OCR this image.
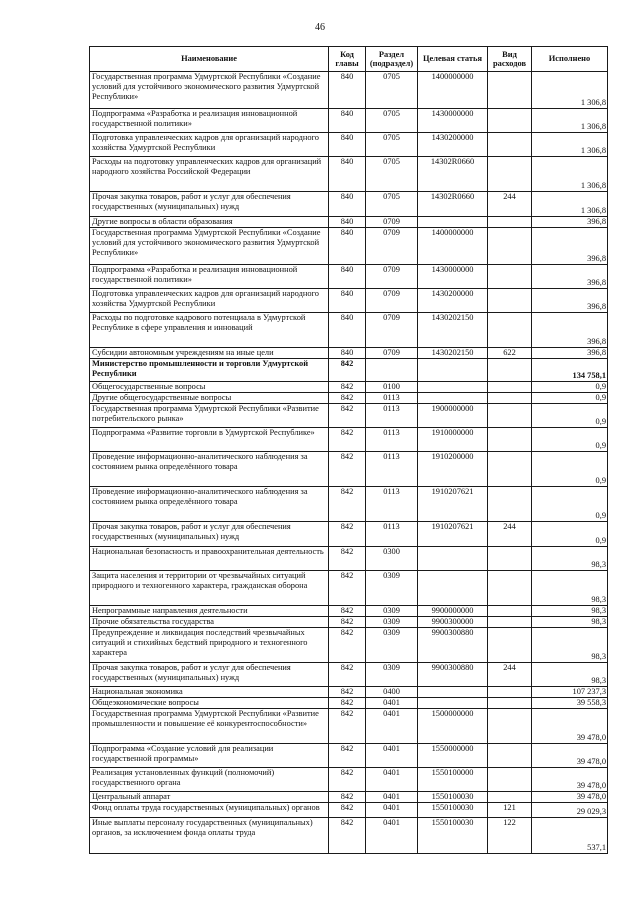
46
Наименование	Код главы	Раздел (подраздел)	Целевая статья	Вид расходов	Исполнено
Государственная программа Удмуртской Республики «Создание условий для устойчивого экономического развития Удмуртской Республики»	840	0705	1400000000		1 306,8
Подпрограмма «Разработка и реализация инновационной государственной политики»	840	0705	1430000000		1 306,8
Подготовка управленческих кадров для организаций народного хозяйства Удмуртской Республики	840	0705	1430200000		1 306,8
Расходы на подготовку управленческих кадров для организаций народного хозяйства Российской Федерации	840	0705	14302R0660		1 306,8
Прочая закупка товаров, работ и услуг для обеспечения государственных (муниципальных) нужд	840	0705	14302R0660	244	1 306,8
Другие вопросы в области образования	840	0709			396,8
Государственная программа Удмуртской Республики «Создание условий для устойчивого экономического развития Удмуртской Республики»	840	0709	1400000000		396,8
Подпрограмма «Разработка и реализация инновационной государственной политики»	840	0709	1430000000		396,8
Подготовка управленческих кадров для организаций народного хозяйства Удмуртской Республики	840	0709	1430200000		396,8
Расходы по подготовке кадрового потенциала в Удмуртской Республике в сфере управления и инноваций	840	0709	1430202150		396,8
Субсидии автономным учреждениям на иные цели	840	0709	1430202150	622	396,8
Министерство промышленности и торговли Удмуртской Республики	842				134 758,1
Общегосударственные вопросы	842	0100			0,9
Другие общегосударственные вопросы	842	0113			0,9
Государственная программа Удмуртской Республики «Развитие потребительского рынка»	842	0113	1900000000		0,9
Подпрограмма «Развитие торговли в Удмуртской Республике»	842	0113	1910000000		0,9
Проведение информационно-аналитического наблюдения за состоянием рынка определённого товара	842	0113	1910200000		0,9
Проведение информационно-аналитического наблюдения за состоянием рынка определённого товара	842	0113	1910207621		0,9
Прочая закупка товаров, работ и услуг для обеспечения государственных (муниципальных) нужд	842	0113	1910207621	244	0,9
Национальная безопасность и правоохранительная деятельность	842	0300			98,3
Защита населения и территории от чрезвычайных ситуаций природного и техногенного характера, гражданская оборона	842	0309			98,3
Непрограммные направления деятельности	842	0309	9900000000		98,3
Прочие обязательства государства	842	0309	9900300000		98,3
Предупреждение и ликвидация последствий чрезвычайных ситуаций и стихийных бедствий природного и техногенного характера	842	0309	9900300880		98,3
Прочая закупка товаров, работ и услуг для обеспечения государственных (муниципальных) нужд	842	0309	9900300880	244	98,3
Национальная экономика	842	0400			107 237,3
Общеэкономические вопросы	842	0401			39 558,3
Государственная программа Удмуртской Республики «Развитие промышленности и повышение её конкурентоспособности»	842	0401	1500000000		39 478,0
Подпрограмма «Создание условий для реализации государственной программы»	842	0401	1550000000		39 478,0
Реализация установленных функций (полномочий) государственного органа	842	0401	1550100000		39 478,0
Центральный аппарат	842	0401	1550100030		39 478,0
Фонд оплаты труда государственных (муниципальных) органов	842	0401	1550100030	121	29 029,3
Иные выплаты персоналу государственных (муниципальных) органов, за исключением фонда оплаты труда	842	0401	1550100030	122	537,1
